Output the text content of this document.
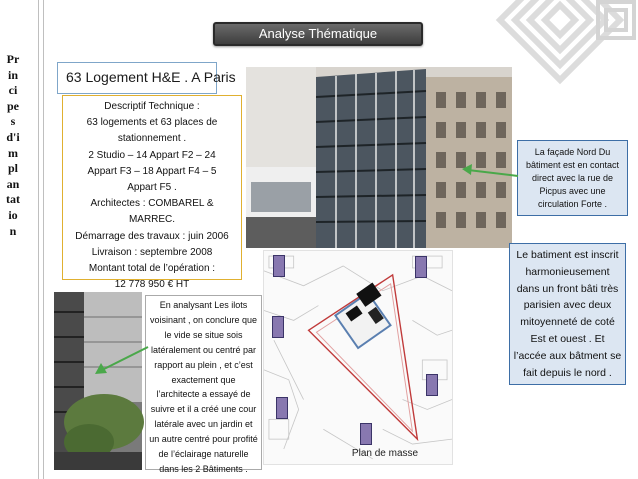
Analyse Thématique
Principes d'implantation
Plan de masse
63 Logement H&E . A Paris
Descriptif Technique :
63 logements et 63 places de
stationnement .
2 Studio – 14 Appart F2 – 24
Appart F3 – 18 Appart F4 – 5
Appart F5 .
Architectes : COMBAREL &
MARREC.
Démarrage des travaux : juin 2006
Livraison : septembre 2008
Montant total de l’opération :
12 778 950 € HT
La façade Nord Du bâtiment est en contact direct avec la rue de Picpus avec une circulation Forte .
Le batiment est inscrit harmonieusement dans un front bâti très parisien avec deux mitoyenneté de coté Est et ouest . Et l’accée aux bâtment se fait depuis le nord .
En analysant Les ilots voisinant , on conclure que le vide se situe sois latéralement ou centré par rapport au plein , et c’est exactement que l’architecte a essayé de suivre et il a créé une cour latérale avec un jardin et un autre centré pour profité de l’éclairage naturelle dans les 2 Bâtiments .
